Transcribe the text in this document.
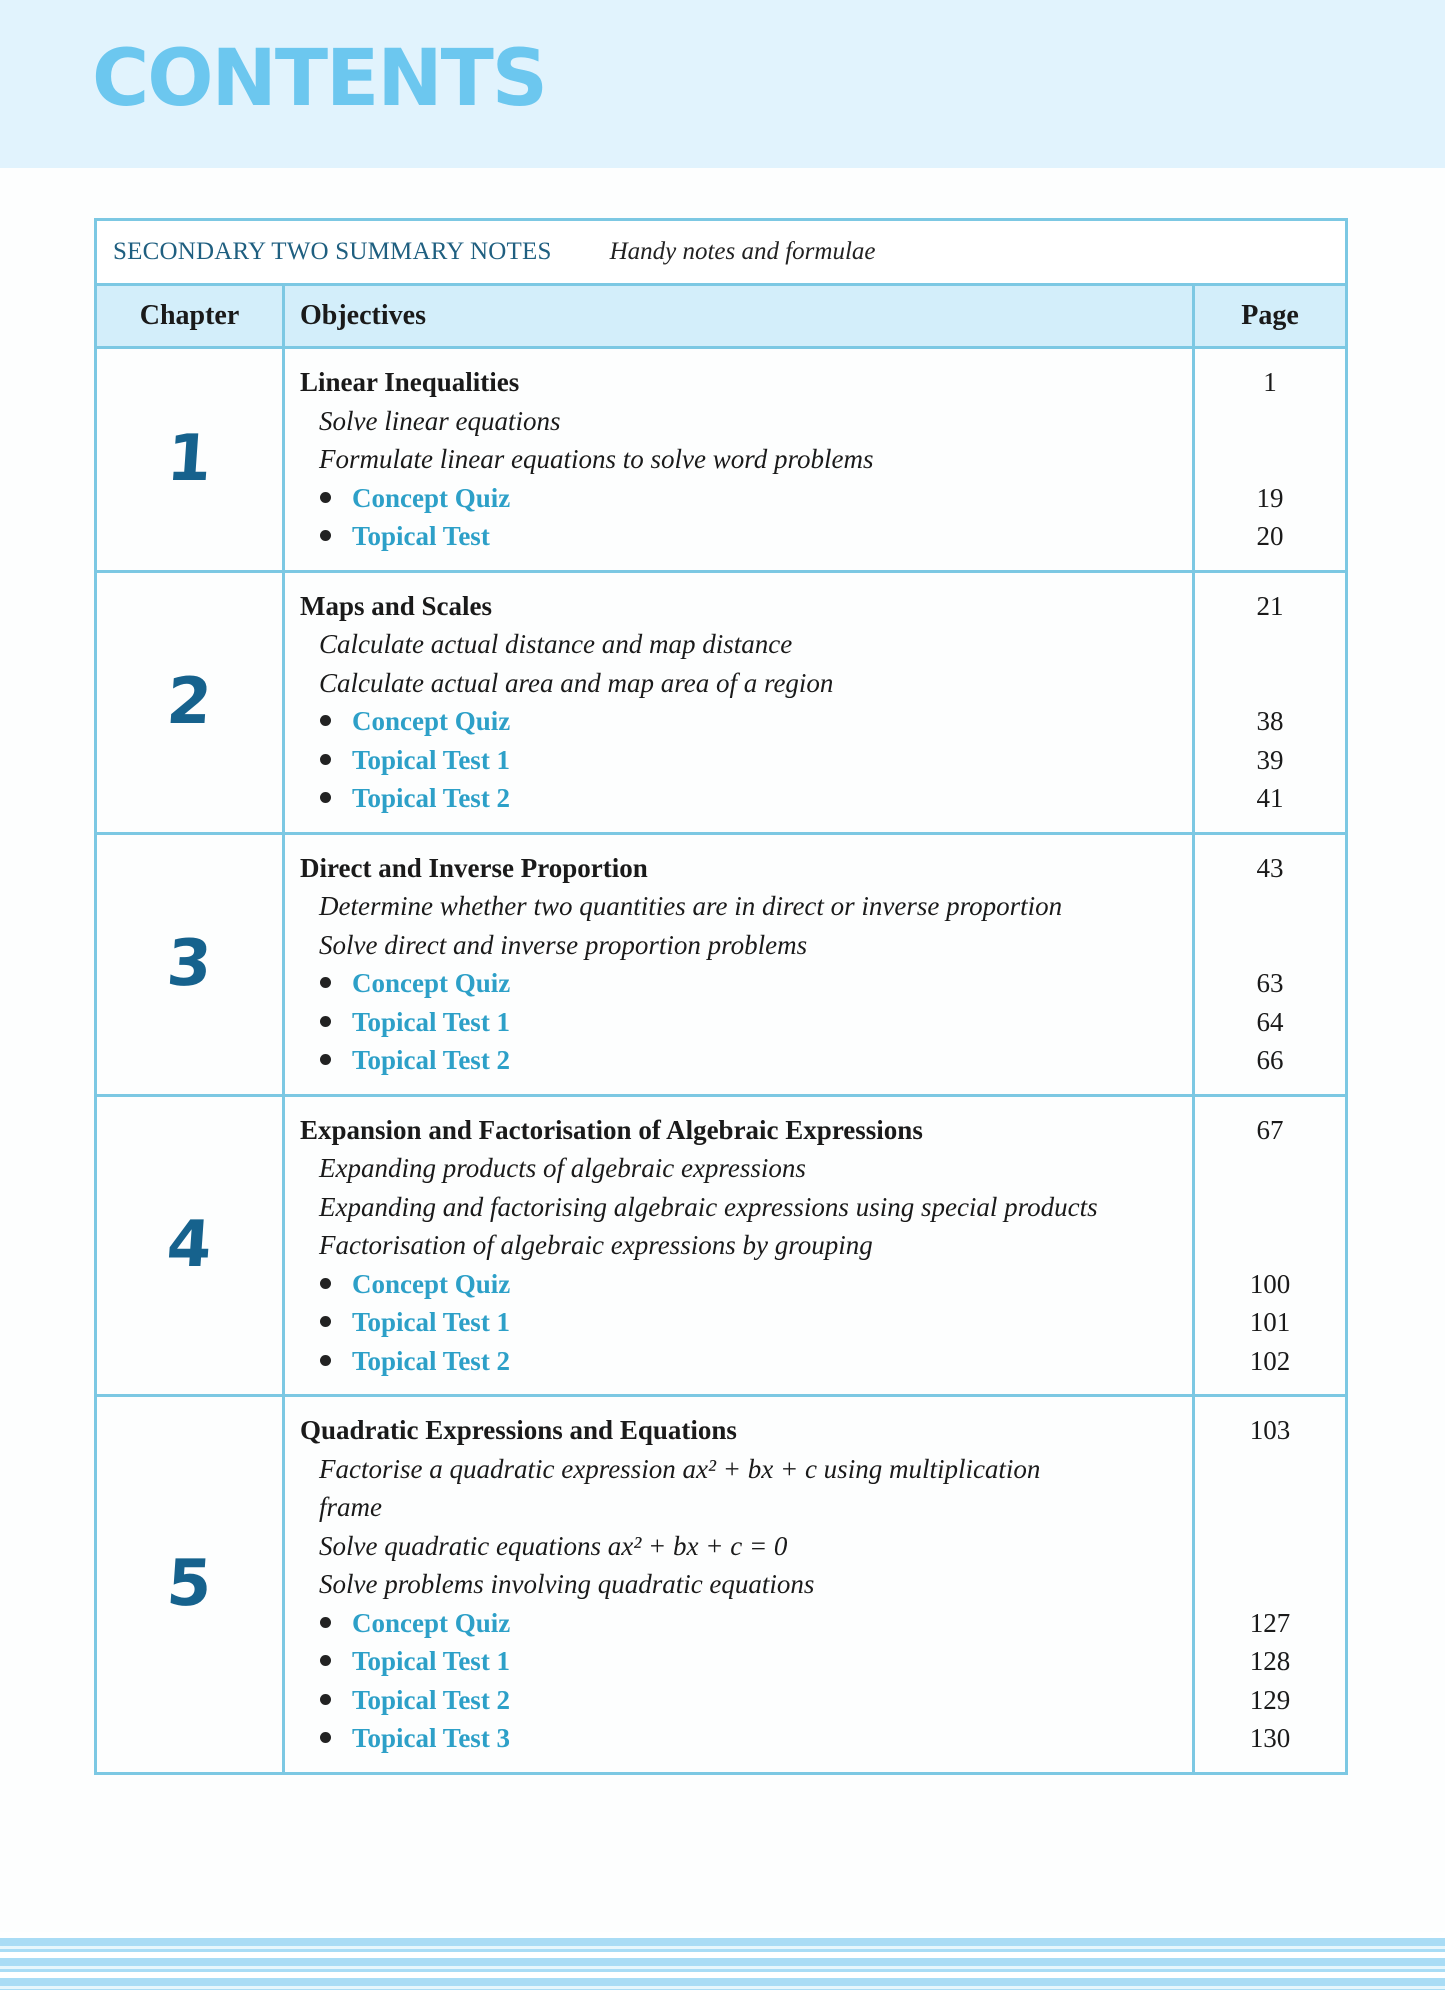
CONTENTS
SECONDARY TWO SUMMARY NOTES Handy notes and formulae
Chapter Objectives	Page
1
Linear Inequalities
Solve linear equations
Formulate linear equations to solve word problems
Concept Quiz
Topical Test
1
19
20
2
Maps and Scales
Calculate actual distance and map distance
Calculate actual area and map area of a region
Concept Quiz
Topical Test 1
Topical Test 2
21
38
39
41
3
Direct and Inverse Proportion
Determine whether two quantities are in direct or inverse proportion
Solve direct and inverse proportion problems
Concept Quiz
Topical Test 1
Topical Test 2
43
63
64
66
4
Expansion and Factorisation of Algebraic Expressions
Expanding products of algebraic expressions
Expanding and factorising algebraic expressions using special products
Factorisation of algebraic expressions by grouping
Concept Quiz
Topical Test 1
Topical Test 2
67
100
101
102
5
Quadratic Expressions and Equations
Factorise a quadratic expression ax² + bx + c using multiplication
frame
Solve quadratic equations ax² + bx + c = 0
Solve problems involving quadratic equations
Concept Quiz
Topical Test 1
Topical Test 2
Topical Test 3
103
127
128
129
130
